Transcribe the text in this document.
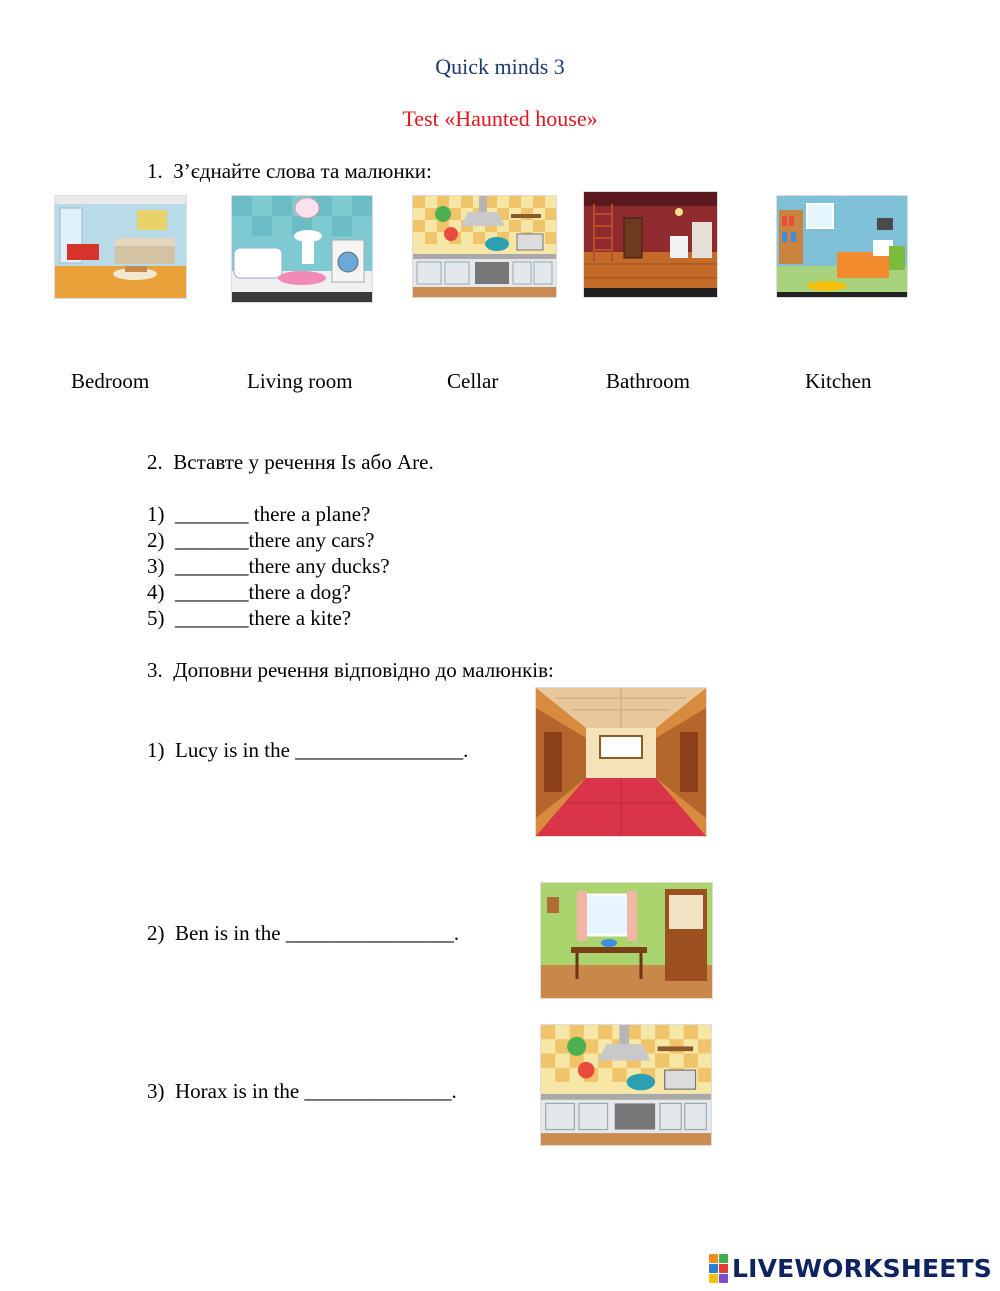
Quick minds 3
Test «Haunted house»
1. З’єднайте слова та малюнки:
Bedroom	Living room	Cellar	Bathroom	Kitchen
2. Вставте у речення Is або Are.
1) _______ there a plane?
2) _______there any cars?
3) _______there any ducks?
4) _______there a dog?
5) _______there a kite?
3. Доповни речення відповідно до малюнків:
1) Lucy is in the ________________.
2) Ben is in the ________________.
3) Horax is in the ______________.
LIVEWORKSHEETS
